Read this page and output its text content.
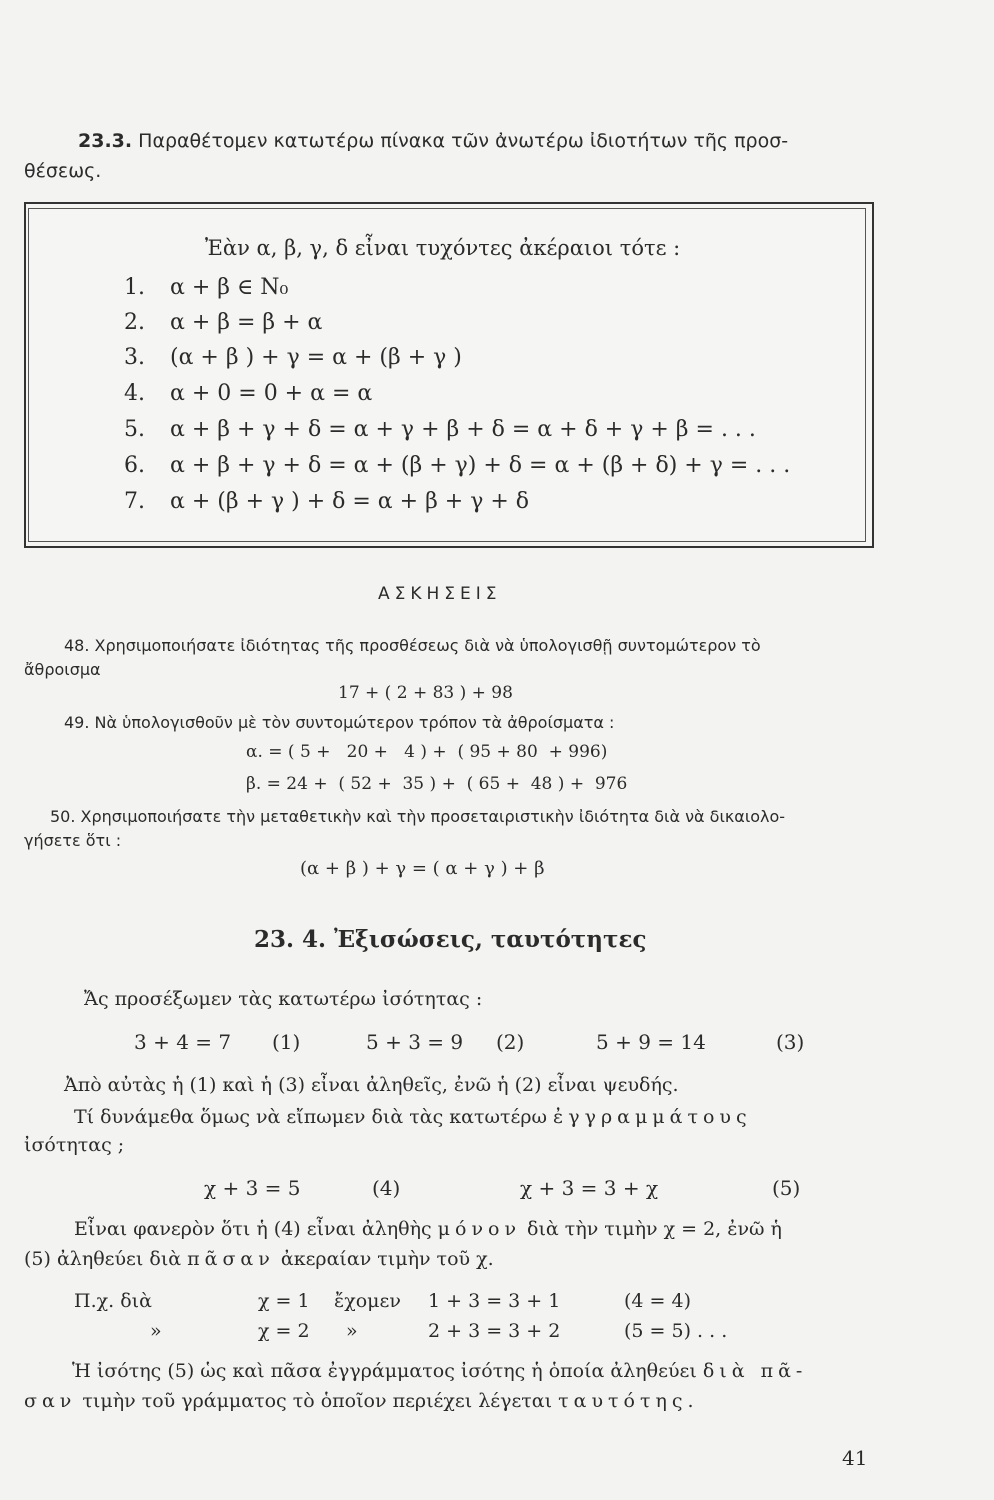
23.3. Παραθέτομεν κατωτέρω πίνακα τῶν ἀνωτέρω ἰδιοτήτων τῆς προσ-
θέσεως.
Ἐὰν α, β, γ, δ εἶναι τυχόντες ἀκέραιοι τότε :
1. α + β ∈ N₀
2. α + β = β + α
3. (α + β ) + γ = α + (β + γ )
4. α + 0 = 0 + α = α
5. α + β + γ + δ = α + γ + β + δ = α + δ + γ + β = . . .
6. α + β + γ + δ = α + (β + γ) + δ = α + (β + δ) + γ = . . .
7. α + (β + γ ) + δ = α + β + γ + δ
ΑΣΚΗΣΕΙΣ
48. Χρησιμοποιήσατε ἰδιότητας τῆς προσθέσεως διὰ νὰ ὑπολογισθῇ συντομώτερον τὸ
ἄθροισμα
17 + ( 2 + 83 ) + 98
49. Νὰ ὑπολογισθοῦν μὲ τὸν συντομώτερον τρόπον τὰ ἀθροίσματα :
α. = ( 5 +   20 +   4 ) +  ( 95 + 80  + 996)
β. = 24 +  ( 52 +  35 ) +  ( 65 +  48 ) +  976
50. Χρησιμοποιήσατε τὴν μεταθετικὴν καὶ τὴν προσεταιριστικὴν ἰδιότητα διὰ νὰ δικαιολο-
γήσετε ὅτι :
(α + β ) + γ = ( α + γ ) + β
23. 4. Ἐξισώσεις, ταυτότητες
Ἄς προσέξωμεν τὰς κατωτέρω ἰσότητας :
3 + 4 = 7 (1)	5 + 3 = 9 (2)	5 + 9 = 14	(3)
Ἀπὸ αὐτὰς ἡ (1) καὶ ἡ (3) εἶναι ἀληθεῖς, ἐνῶ ἡ (2) εἶναι ψευδής.
Τί δυνάμεθα ὅμως νὰ εἴπωμεν διὰ τὰς κατωτέρω ἐγγραμμάτους
ἰσότητας ;
χ + 3 = 5	(4)	χ + 3 = 3 + χ	(5)
Εἶναι φανερὸν ὅτι ἡ (4) εἶναι ἀληθὴς μόνον διὰ τὴν τιμὴν χ = 2, ἐνῶ ἡ
(5) ἀληθεύει διὰ πᾶσαν ἀκεραίαν τιμὴν τοῦ χ.
Π.χ. διὰ	χ = 1 ἔχομεν 1 + 3 = 3 + 1	(4 = 4)
»	χ = 2 »	2 + 3 = 3 + 2	(5 = 5) . . .
Ἡ ἰσότης (5) ὡς καὶ πᾶσα ἐγγράμματος ἰσότης ἡ ὁποία ἀληθεύει διὰ πᾶ-
σαν τιμὴν τοῦ γράμματος τὸ ὁποῖον περιέχει λέγεται ταυτότης.
41
